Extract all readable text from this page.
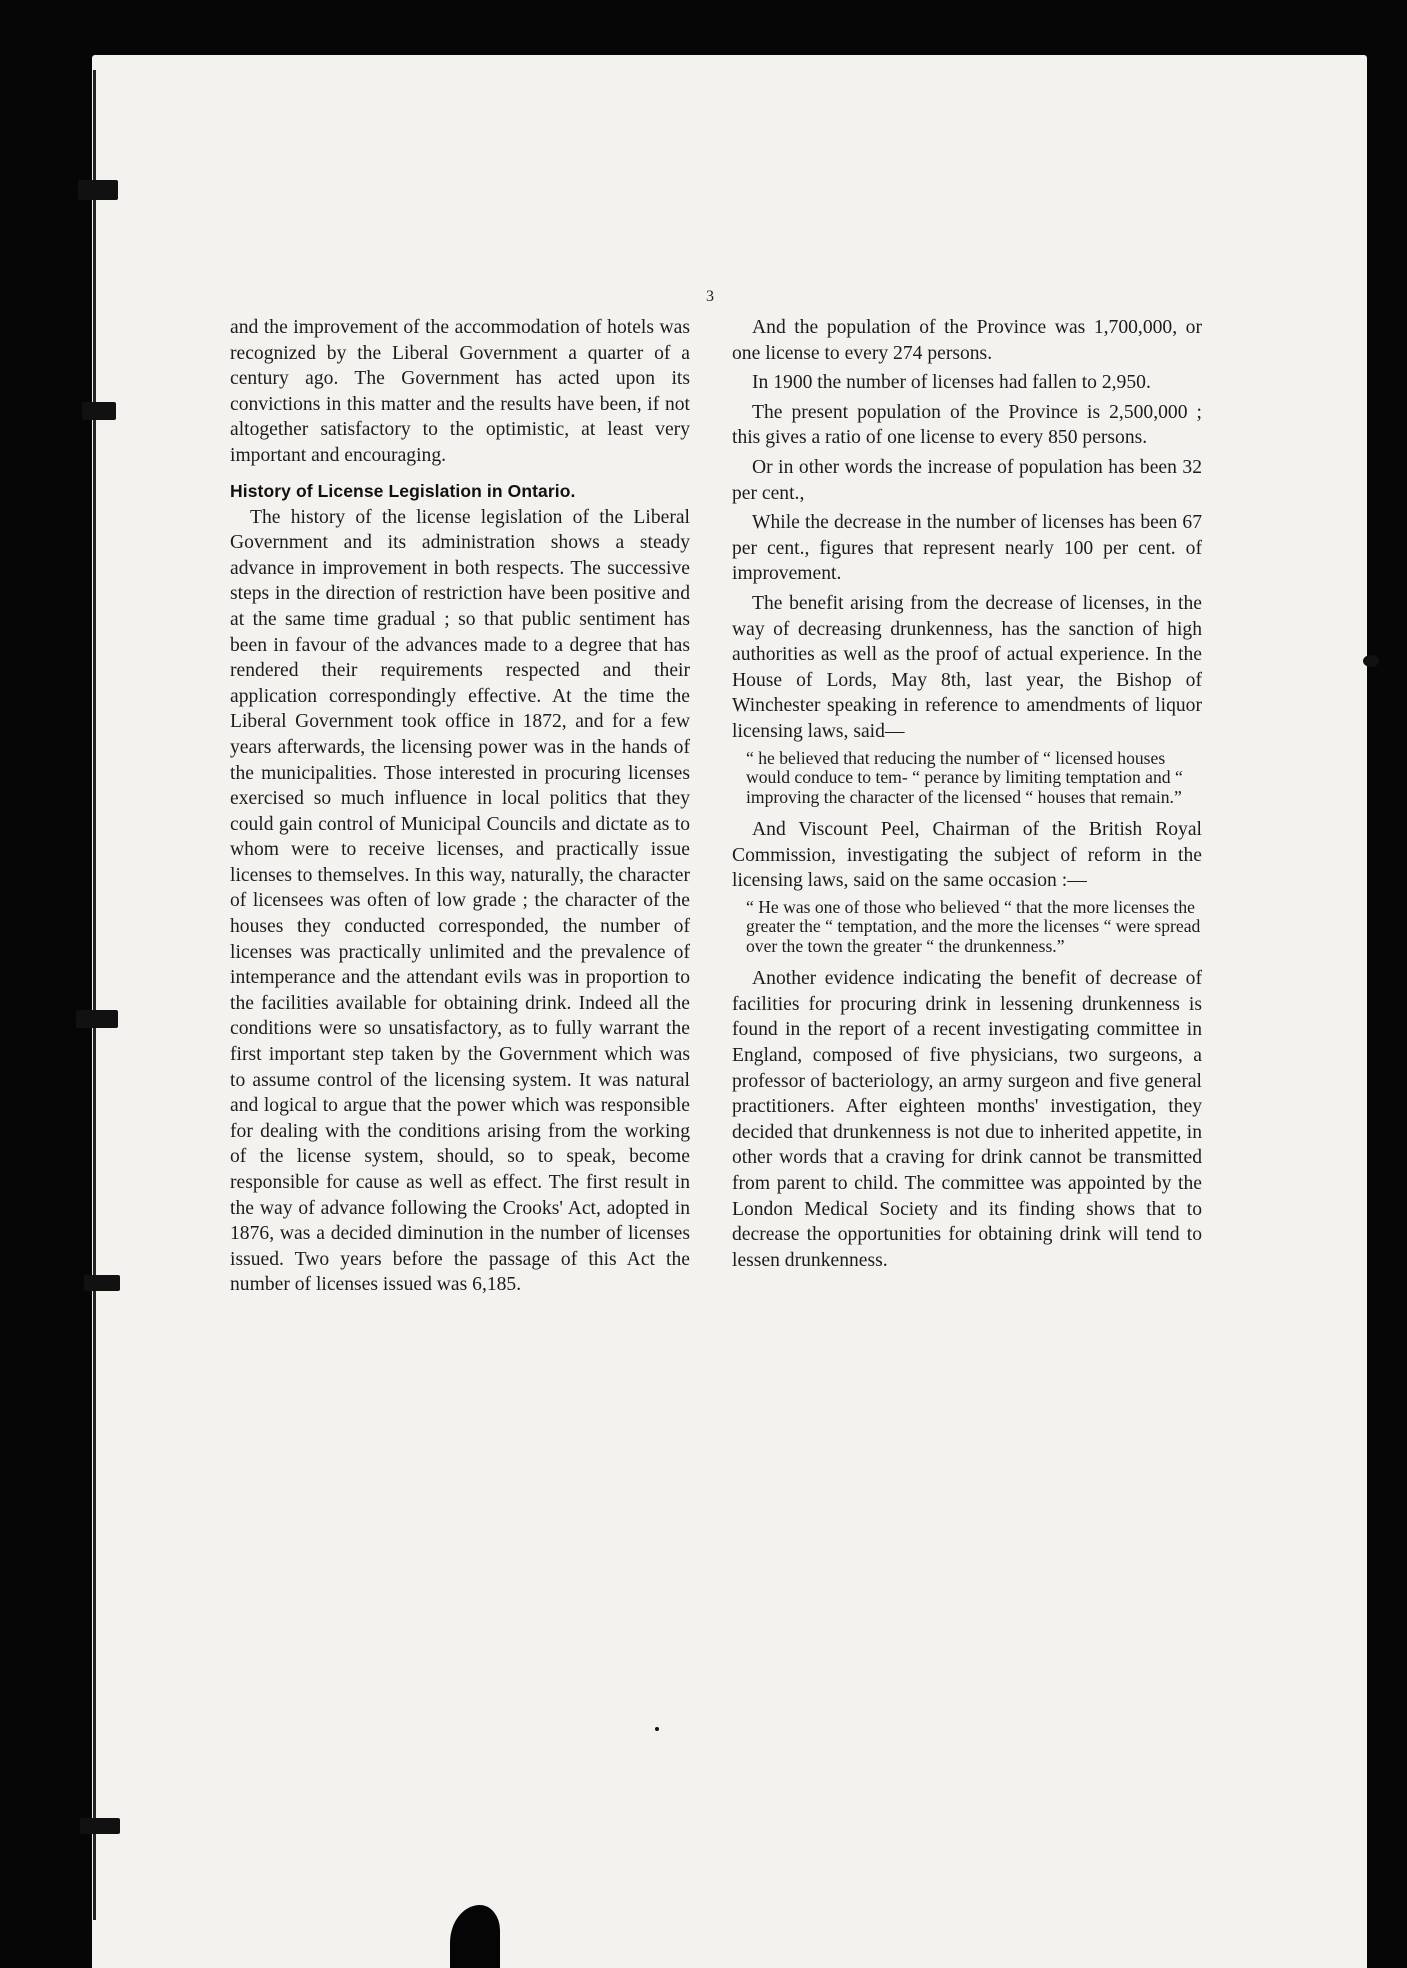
3

and the improvement of the accommodation of hotels was recognized by the Liberal Government a quarter of a century ago. The Government has acted upon its convictions in this matter and the results have been, if not altogether satisfactory to the optimistic, at least very important and encouraging.

History of License Legislation in Ontario.

The history of the license legislation of the Liberal Government and its administration shows a steady advance in improvement in both respects. The successive steps in the direction of restriction have been positive and at the same time gradual ; so that public sentiment has been in favour of the advances made to a degree that has rendered their requirements respected and their application correspondingly effective. At the time the Liberal Government took office in 1872, and for a few years afterwards, the licensing power was in the hands of the municipalities. Those interested in procuring licenses exercised so much influence in local politics that they could gain control of Municipal Councils and dictate as to whom were to receive licenses, and practically issue licenses to themselves. In this way, naturally, the character of licensees was often of low grade ; the character of the houses they conducted corresponded, the number of licenses was practically unlimited and the prevalence of intemperance and the attendant evils was in proportion to the facilities available for obtaining drink. Indeed all the conditions were so unsatisfactory, as to fully warrant the first important step taken by the Government which was to assume control of the licensing system. It was natural and logical to argue that the power which was responsible for dealing with the conditions arising from the working of the license system, should, so to speak, become responsible for cause as well as effect. The first result in the way of advance following the Crooks' Act, adopted in 1876, was a decided diminution in the number of licenses issued. Two years before the passage of this Act the number of licenses issued was 6,185.

And the population of the Province was 1,700,000, or one license to every 274 persons.

In 1900 the number of licenses had fallen to 2,950.

The present population of the Province is 2,500,000 ; this gives a ratio of one license to every 850 persons.

Or in other words the increase of population has been 32 per cent.,

While the decrease in the number of licenses has been 67 per cent., figures that represent nearly 100 per cent. of improvement.

The benefit arising from the decrease of licenses, in the way of decreasing drunkenness, has the sanction of high authorities as well as the proof of actual experience. In the House of Lords, May 8th, last year, the Bishop of Winchester speaking in reference to amendments of liquor licensing laws, said—

“ he believed that reducing the number of “ licensed houses would conduce to tem- “ perance by limiting temptation and “ improving the character of the licensed “ houses that remain.”

And Viscount Peel, Chairman of the British Royal Commission, investigating the subject of reform in the licensing laws, said on the same occasion :—

“ He was one of those who believed “ that the more licenses the greater the “ temptation, and the more the licenses “ were spread over the town the greater “ the drunkenness.”

Another evidence indicating the benefit of decrease of facilities for procuring drink in lessening drunkenness is found in the report of a recent investigating committee in England, composed of five physicians, two surgeons, a professor of bacteriology, an army surgeon and five general practitioners. After eighteen months' investigation, they decided that drunkenness is not due to inherited appetite, in other words that a craving for drink cannot be transmitted from parent to child. The committee was appointed by the London Medical Society and its finding shows that to decrease the opportunities for obtaining drink will tend to lessen drunkenness.
